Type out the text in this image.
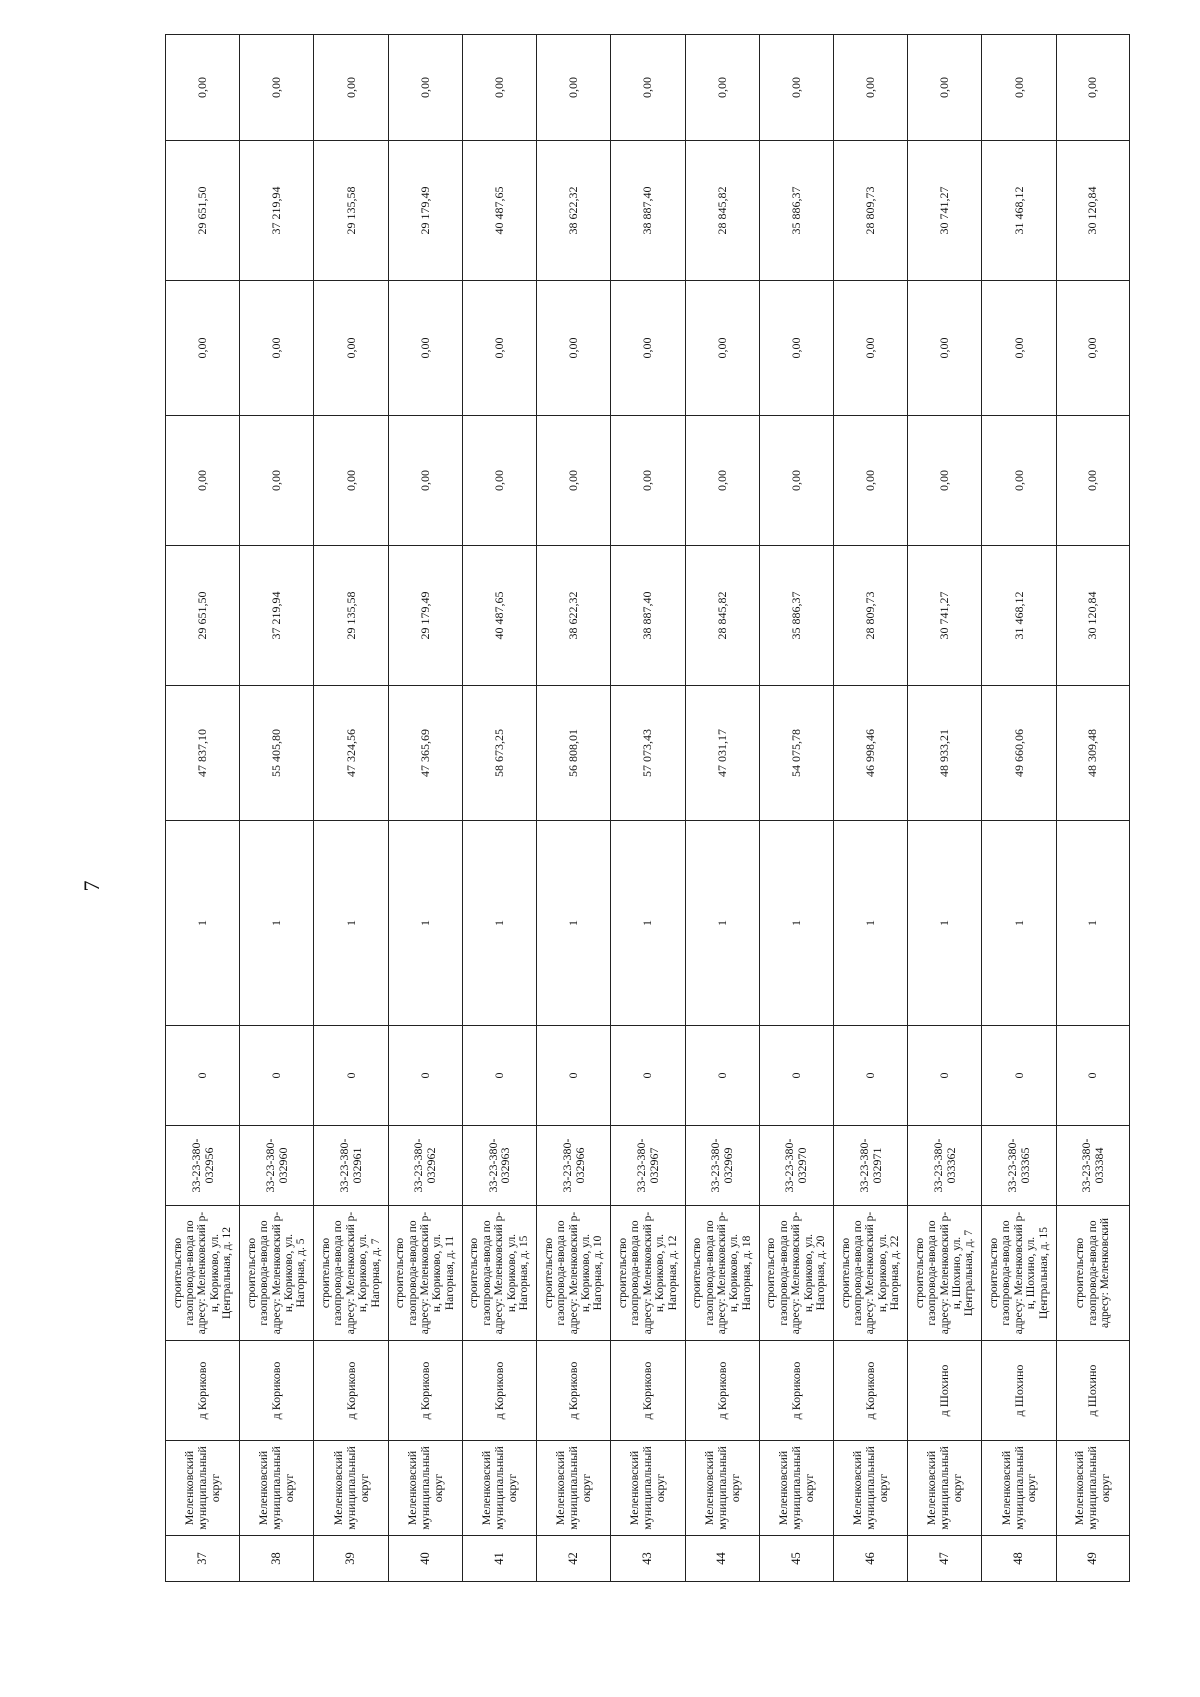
7
37	Меленковский муниципальный округ	д Кориково	строительство газопровода-ввода по адресу: Меленковский р-н, Кориково, ул. Центральная, д. 12	33-23-380-032956	0	1	47 837,10	29 651,50	0,00	0,00	29 651,50	0,00
38	Меленковский муниципальный округ	д Кориково	строительство газопровода-ввода по адресу: Меленковский р-н, Кориково, ул. Нагорная, д. 5	33-23-380-032960	0	1	55 405,80	37 219,94	0,00	0,00	37 219,94	0,00
39	Меленковский муниципальный округ	д Кориково	строительство газопровода-ввода по адресу: Меленковский р-н, Кориково, ул. Нагорная, д. 7	33-23-380-032961	0	1	47 324,56	29 135,58	0,00	0,00	29 135,58	0,00
40	Меленковский муниципальный округ	д Кориково	строительство газопровода-ввода по адресу: Меленковский р-н, Кориково, ул. Нагорная, д. 11	33-23-380-032962	0	1	47 365,69	29 179,49	0,00	0,00	29 179,49	0,00
41	Меленковский муниципальный округ	д Кориково	строительство газопровода-ввода по адресу: Меленковский р-н, Кориково, ул. Нагорная, д. 15	33-23-380-032963	0	1	58 673,25	40 487,65	0,00	0,00	40 487,65	0,00
42	Меленковский муниципальный округ	д Кориково	строительство газопровода-ввода по адресу: Меленковский р-н, Кориково, ул. Нагорная, д. 10	33-23-380-032966	0	1	56 808,01	38 622,32	0,00	0,00	38 622,32	0,00
43	Меленковский муниципальный округ	д Кориково	строительство газопровода-ввода по адресу: Меленковский р-н, Кориково, ул. Нагорная, д. 12	33-23-380-032967	0	1	57 073,43	38 887,40	0,00	0,00	38 887,40	0,00
44	Меленковский муниципальный округ	д Кориково	строительство газопровода-ввода по адресу: Меленковский р-н, Кориково, ул. Нагорная, д. 18	33-23-380-032969	0	1	47 031,17	28 845,82	0,00	0,00	28 845,82	0,00
45	Меленковский муниципальный округ	д Кориково	строительство газопровода-ввода по адресу: Меленковский р-н, Кориково, ул. Нагорная, д. 20	33-23-380-032970	0	1	54 075,78	35 886,37	0,00	0,00	35 886,37	0,00
46	Меленковский муниципальный округ	д Кориково	строительство газопровода-ввода по адресу: Меленковский р-н, Кориково, ул. Нагорная, д. 22	33-23-380-032971	0	1	46 998,46	28 809,73	0,00	0,00	28 809,73	0,00
47	Меленковский муниципальный округ	д Шохино	строительство газопровода-ввода по адресу: Меленковский р-н, Шохино, ул. Центральная, д. 7	33-23-380-033362	0	1	48 933,21	30 741,27	0,00	0,00	30 741,27	0,00
48	Меленковский муниципальный округ	д Шохино	строительство газопровода-ввода по адресу: Меленковский р-н, Шохино, ул. Центральная, д. 15	33-23-380-033365	0	1	49 660,06	31 468,12	0,00	0,00	31 468,12	0,00
49	Меленковский муниципальный округ	д Шохино	строительство газопровода-ввода по адресу: Меленковский	33-23-380-033384	0	1	48 309,48	30 120,84	0,00	0,00	30 120,84	0,00
